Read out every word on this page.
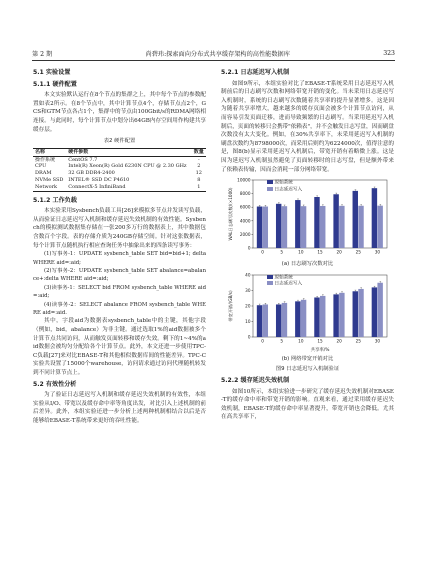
第 2 期	尚碧玮:探索面向分布式共享缓存架构的高性能数据库	323
5.1 实验设置
5.1.1 硬件配置

本文实验默认运行在8个节点的集群之上，其中每个节点的参数配置如表2所示。在8个节点中，其中计算节点4个，存储节点点2个，GCS和GTM节点各占1个，集群中的节点由100Gbit/s的RDMA网络相连接。与此同时，每个计算节点中划分出64GB内存空间用作构建共享缓存层。

表2 硬件配置
名称	硬件参数	数量
操作系统	CentOS 7.7	-
CPU	Intel(R) Xeon(R) Gold 6230N CPU @ 2.30 GHz	2
DRAM	32 GB DDR4-2400	12
NVMe SSD	INTEL® SSD DC P4610	8
Network	ConnectX-5 InfiniBand	1
5.1.2 工作负载

本实验采用Sysbench负载工具[26]来模拟多节点并发读写负载，从而验证日志延迟写入机制和缓存延迟失效机制的有效性能。Sysbench的模拟测试数据集存储在一张200多万行的数据表上，其中数据包含数百个字段。表的存储介质为240GB存储空间。针对这张数据表，每个计算节点随机执行相应查询任务中抽象出来的四条读写事务：

(1)写事务-1：UPDATE sysbench_table SET bid=bid+1; delta WHERE aid=:aid;

(2)写事务-2：UPDATE sysbench_table SET abalance=abalance+:delta WHERE aid=:aid;

(3)读事务-1：SELECT bid FROM sysbench_table WHERE aid=:aid;

(4)读事务-2：SELECT abalance FROM sysbench_table WHERE aid=:aid.

其中，字段aid为数据表sysbench_table中的主键，其他字段（例如，bid，abalance）为非主键。通过选取1%的aid数据被多个计算节点共同访问，从而触发页面转移和缓存失效。剩下的1~4%的aid数据会被均匀分配给各个计算节点。此外，本文还进一步使用TPC-C负载[27]来对比EBASE-T和其他相似数据库间的性能差异。TPC-C实验共设置了15000个warehouse，访问请求通过访问代理随机转发到不同计算节点上。

5.2 有效性分析

为了验证日志延迟写入机制和缓存延迟失效机制的有效性，本组实验从I/O、带宽以及缓存命中率等角度出发，对比引入上述机制的前后差异。此外，本组实验还进一步分析上述两种机制相结合以后是否能够给EBASE-T系统带来更好的吞吐性能。

5.2.1 日志延迟写入机制

如图9所示，本组实验对比了EBASE-T系统采用日志延迟写入机制前后的日志刷写次数和网络带宽开销的变化。当未采用日志延迟写入机制时，系统的日志刷写次数随着共享率的提升显著增多。这是因为随着共享率增大，越来越多的缓存页面会被多个计算节点访问，从而容易引发页面迁移，进而导致频繁的日志刷写。当采用延迟写入机制后，页面的转移只会携带"依赖表"，并不会触发日志写盘，因而刷盘次数没有太大变化。例如，在30%共享率下，未采用延迟写入机制的刷盘次数约为8798000次，而采用后则约为6224000次，值得注意的是，图8(b)显示采用延迟写入机制后，带宽开销有着略微上涨。这是因为延迟写入机制虽然避免了页面转移时的日志写盘，但是额外带来了依赖表传输，因而会消耗一部分网络带宽。

0
2000
4000
6000
8000
10000
WAL日志刷写次数/(×1000)
0	5	10	15	20	25	30
原始系统
日志延迟写入
(a) 日志刷写次数对比
0
10
20
30
40
带宽开销/(GB/s)
0	5	10	15	20	25	30
共享率/%
原始系统
日志延迟写入
(b) 网络带宽开销对比
图9 日志延迟写入机制验证
5.2.2 缓存延迟失效机制

如图10所示，本组实验进一步研究了缓存延迟失效机制对EBASE-T的缓存命中率和带宽开销的影响。直观来看，通过采用缓存延迟失效机制，EBASE-T的缓存命中率显著提升，带宽开销也会降低。尤其在高共享率下，
